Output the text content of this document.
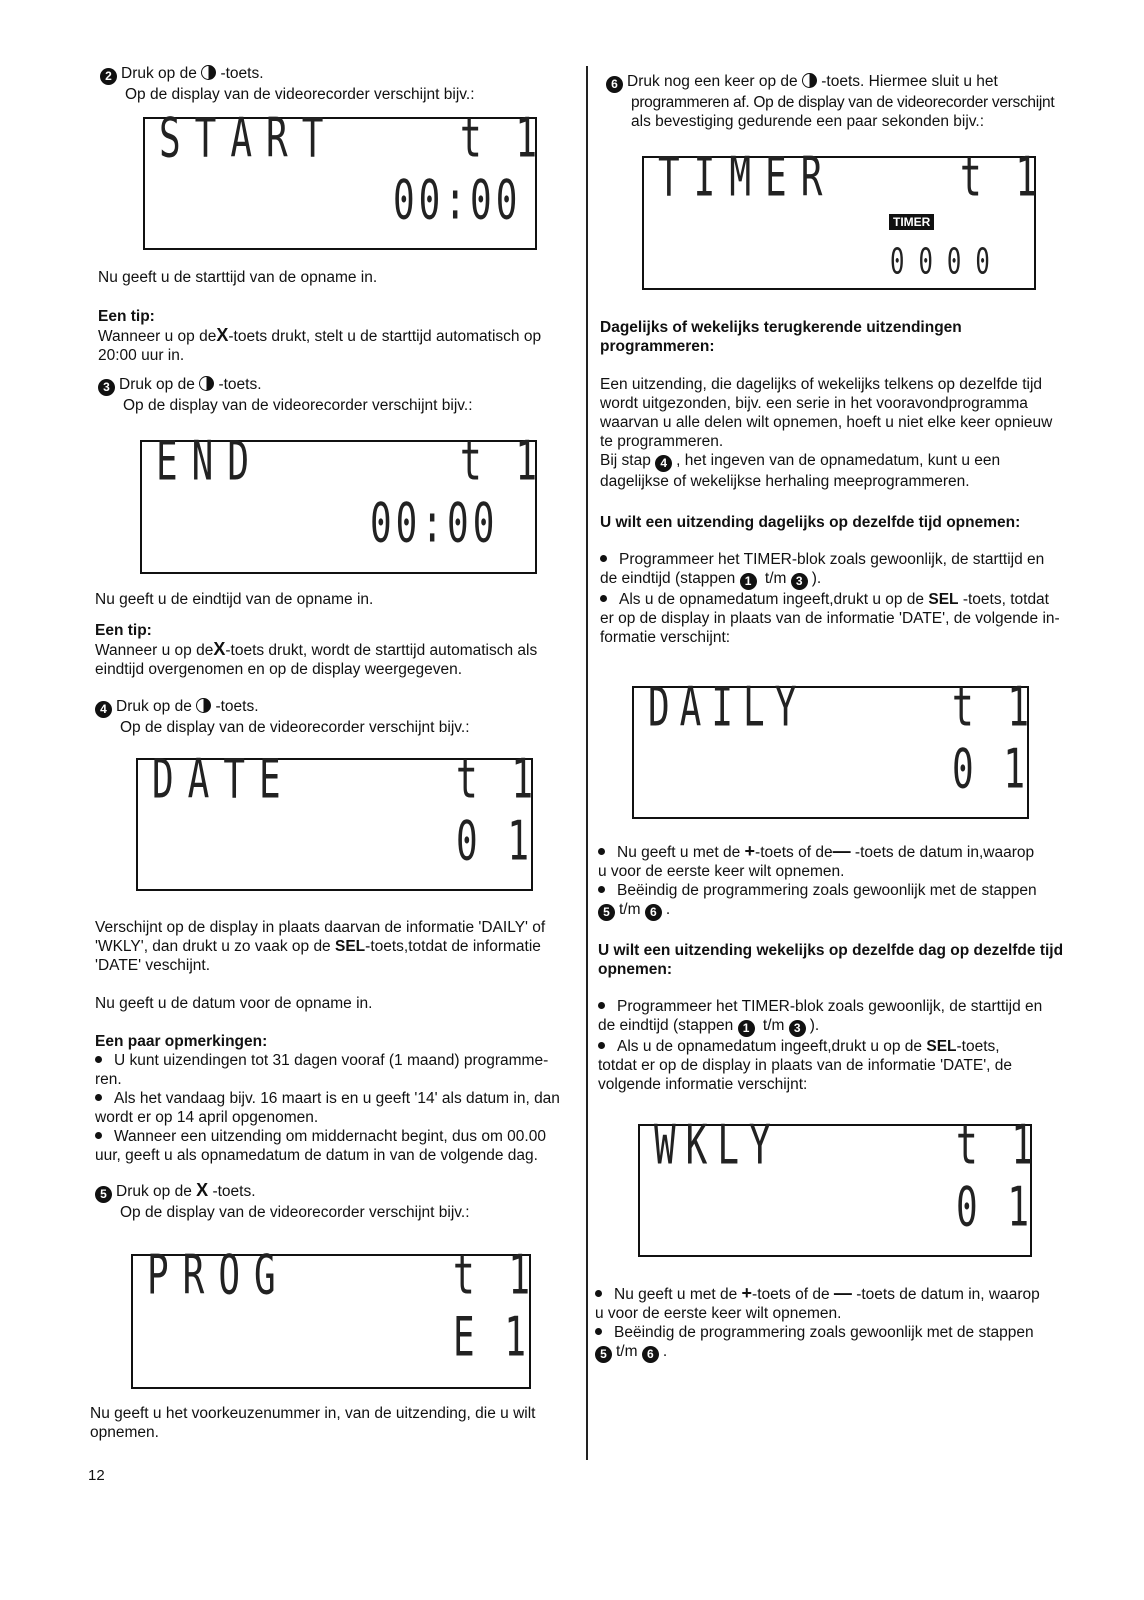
2 Druk op de -toets.

Op de display van de videorecorder verschijnt bijv.:

START	t 1
00:00

Nu geeft u de starttijd van de opname in.

Een tip:

Wanneer u op deX-toets drukt, stelt u de starttijd automatisch op

20:00 uur in.

3 Druk op de -toets.

Op de display van de videorecorder verschijnt bijv.:

END	t 1
00:00

Nu geeft u de eindtijd van de opname in.

Een tip:

Wanneer u op deX-toets drukt, wordt de starttijd automatisch als

eindtijd overgenomen en op de display weergegeven.

4 Druk op de -toets.

Op de display van de videorecorder verschijnt bijv.:

DATE	t 1
0 1

Verschijnt op de display in plaats daarvan de informatie 'DAILY' of

'WKLY', dan drukt u zo vaak op de SEL-toets,totdat de informatie

'DATE' veschijnt.

Nu geeft u de datum voor de opname in.

Een paar opmerkingen:

U kunt uizendingen tot 31 dagen vooraf (1 maand) programme-

ren.

Als het vandaag bijv. 16 maart is en u geeft '14' als datum in, dan

wordt er op 14 april opgenomen.

Wanneer een uitzending om middernacht begint, dus om 00.00

uur, geeft u als opnamedatum de datum in van de volgende dag.

5 Druk op de X -toets.

Op de display van de videorecorder verschijnt bijv.:

PROG	t 1
E 1

Nu geeft u het voorkeuzenummer in, van de uitzending, die u wilt

opnemen.

12

6 Druk nog een keer op de -toets. Hiermee sluit u het

programmeren af. Op de display van de videorecorder verschijnt

als bevestiging gedurende een paar sekonden bijv.:

TIMER	t 1
TIMER
0000

Dagelijks of wekelijks terugkerende uitzendingen

programmeren:

Een uitzending, die dagelijks of wekelijks telkens op dezelfde tijd

wordt uitgezonden, bijv. een serie in het vooravondprogramma

waarvan u alle delen wilt opnemen, hoeft u niet elke keer opnieuw

te programmeren.

Bij stap 4 , het ingeven van de opnamedatum, kunt u een

dagelijkse of wekelijkse herhaling meeprogrammeren.

U wilt een uitzending dagelijks op dezelfde tijd opnemen:

Programmeer het TIMER-blok zoals gewoonlijk, de starttijd en

de eindtijd (stappen 1 t/m 3 ).

Als u de opnamedatum ingeeft,drukt u op de SEL -toets, totdat

er op de display in plaats van de informatie 'DATE', de volgende in-

formatie verschijnt:

DAILY	t 1
0 1

Nu geeft u met de +-toets of de— -toets de datum in,waarop

u voor de eerste keer wilt opnemen.

Beëindig de programmering zoals gewoonlijk met de stappen

5 t/m 6 .

U wilt een uitzending wekelijks op dezelfde dag op dezelfde tijd

opnemen:

Programmeer het TIMER-blok zoals gewoonlijk, de starttijd en

de eindtijd (stappen 1 t/m 3 ).

Als u de opnamedatum ingeeft,drukt u op de SEL-toets,

totdat er op de display in plaats van de informatie 'DATE', de

volgende informatie verschijnt:

WKLY	t 1
0 1

Nu geeft u met de +-toets of de — -toets de datum in, waarop

u voor de eerste keer wilt opnemen.

Beëindig de programmering zoals gewoonlijk met de stappen

5 t/m 6 .
